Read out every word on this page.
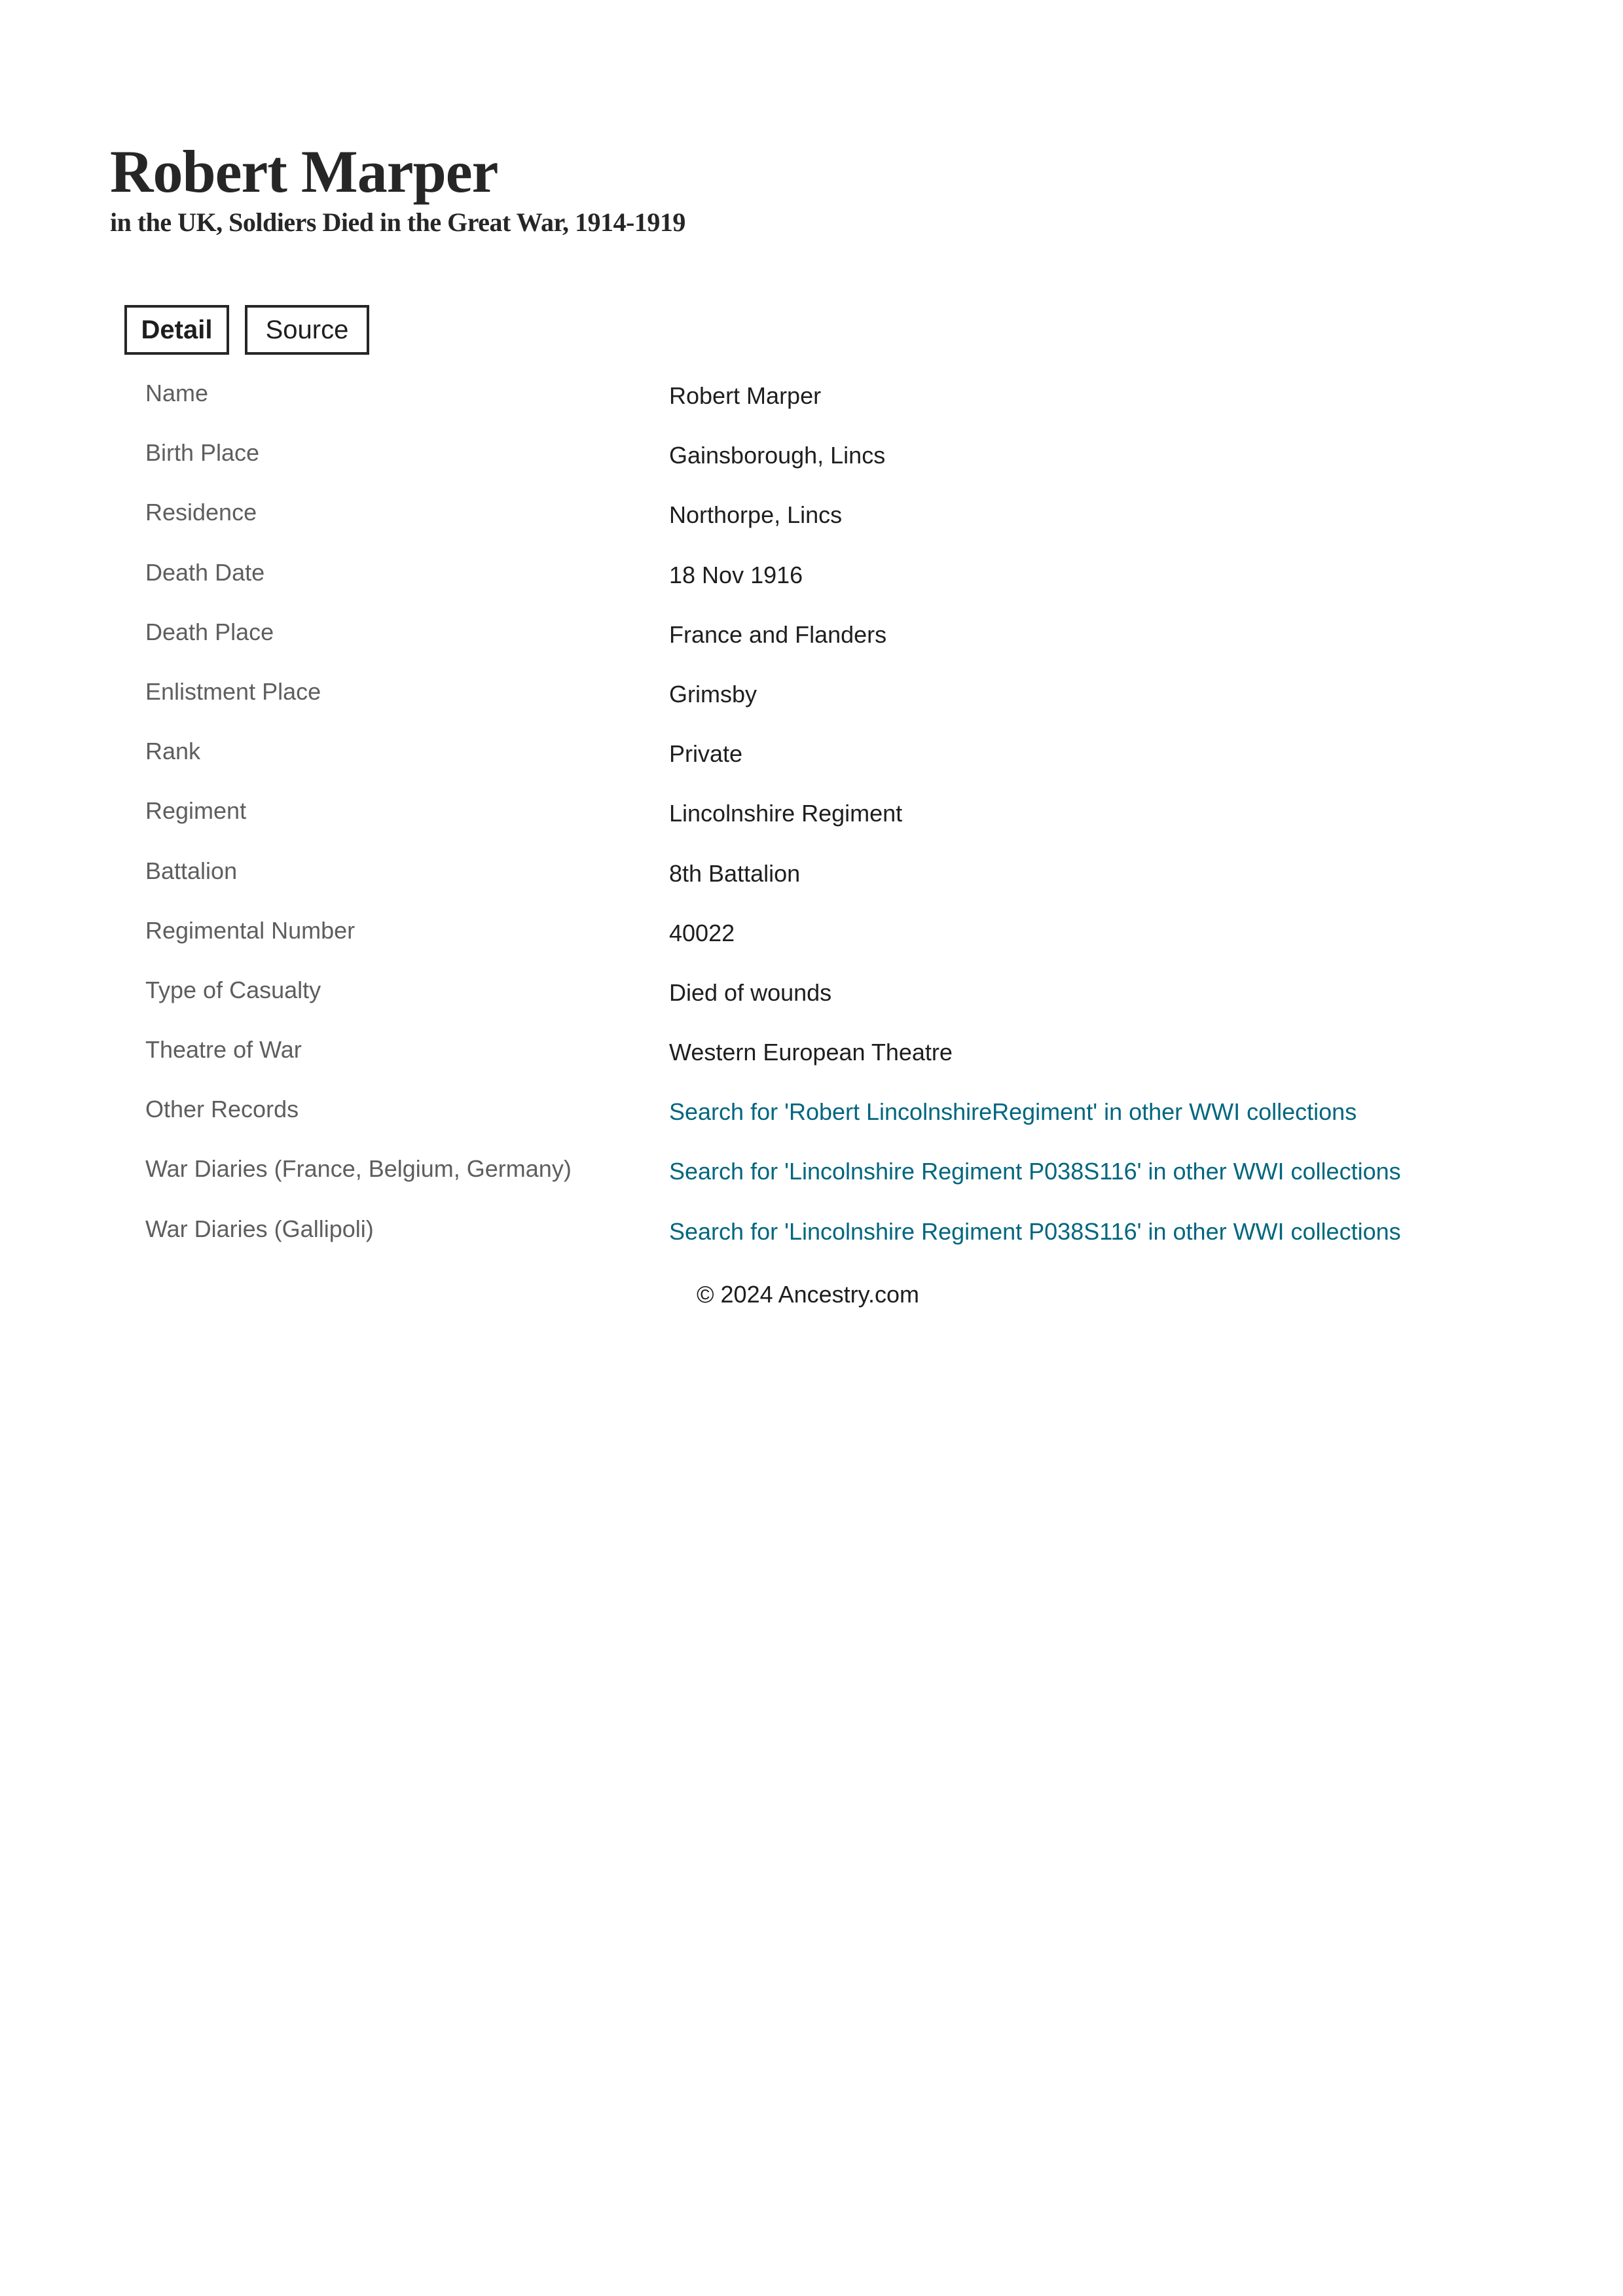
Robert Marper
in the UK, Soldiers Died in the Great War, 1914-1919
Detail	Source
Name	Robert Marper
Birth Place	Gainsborough, Lincs
Residence	Northorpe, Lincs
Death Date	18 Nov 1916
Death Place	France and Flanders
Enlistment Place	Grimsby
Rank	Private
Regiment	Lincolnshire Regiment
Battalion	8th Battalion
Regimental Number	40022
Type of Casualty	Died of wounds
Theatre of War	Western European Theatre
Other Records	Search for 'Robert LincolnshireRegiment' in other WWI collections
War Diaries (France, Belgium, Germany)	Search for 'Lincolnshire Regiment P038S116' in other WWI collections
War Diaries (Gallipoli)	Search for 'Lincolnshire Regiment P038S116' in other WWI collections
© 2024 Ancestry.com
